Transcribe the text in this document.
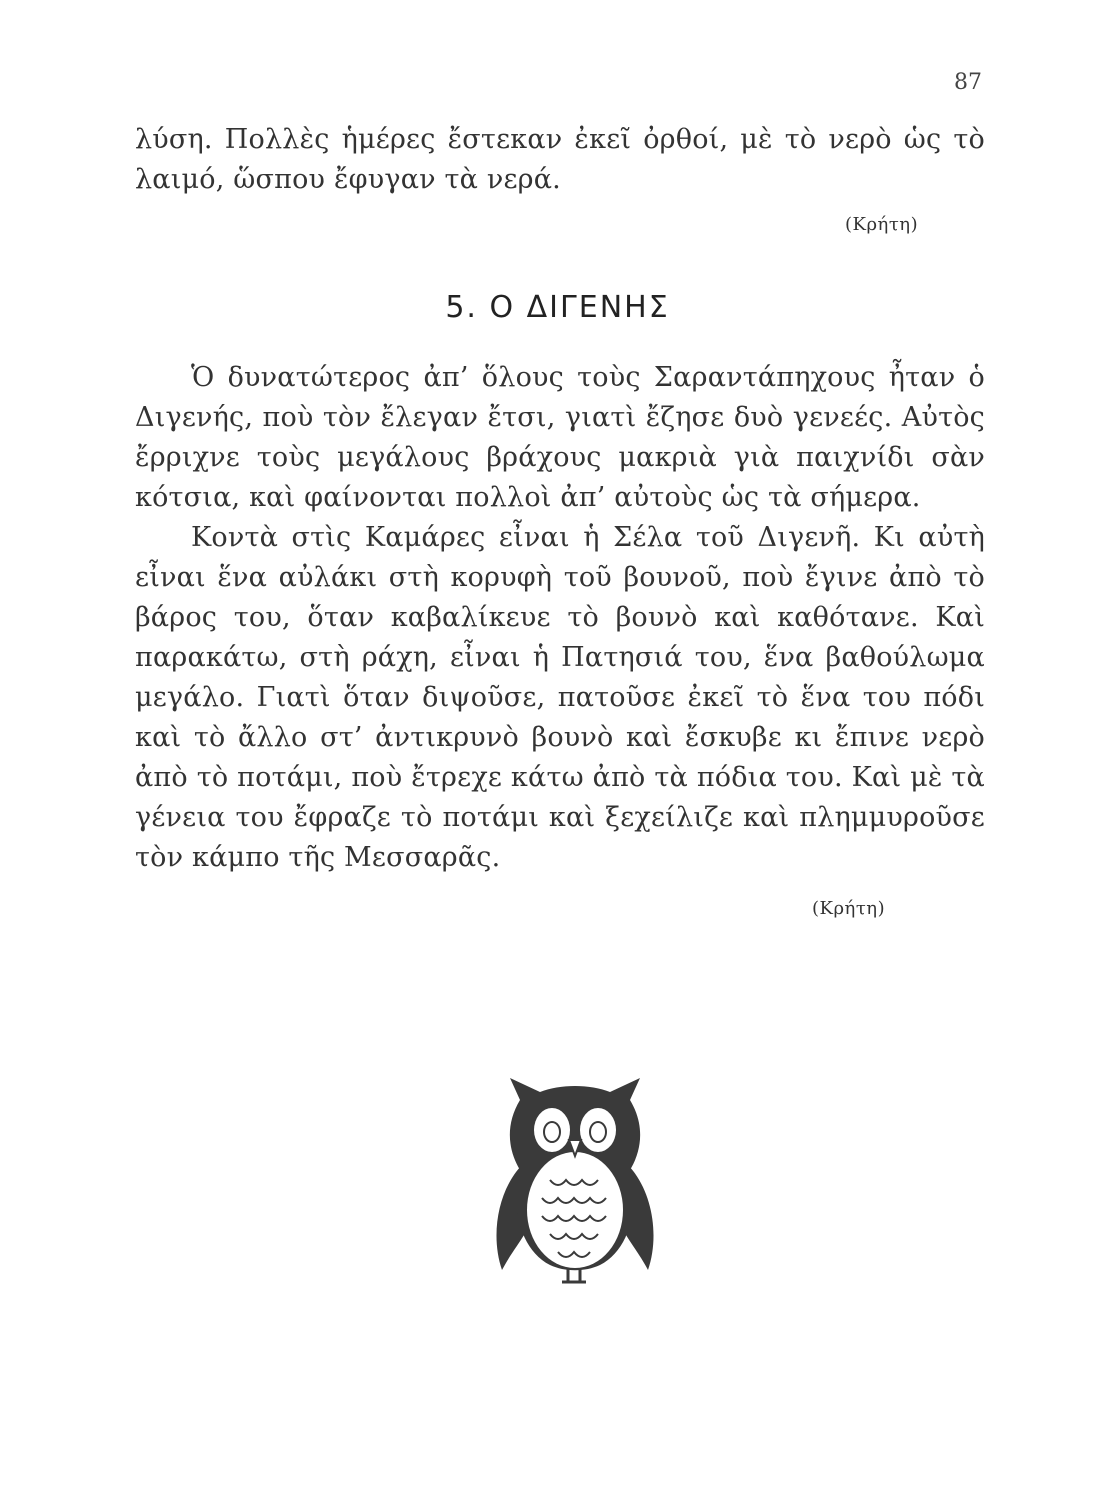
87

λύση. Πολλὲς ἡμέρες ἔστεκαν ἐκεῖ ὀρθοί, μὲ τὸ νερὸ ὡς τὸ λαιμό, ὥσπου ἔφυγαν τὰ νερά.

(Κρήτη)
5. Ο ΔΙΓΕΝΗΣ

Ὁ δυνατώτερος ἀπ’ ὅλους τοὺς Σαραντάπηχους ἦταν ὁ Διγενής, ποὺ τὸν ἔλεγαν ἔτσι, γιατὶ ἔζησε δυὸ γενεές. Αὐτὸς ἔρριχνε τοὺς μεγάλους βράχους μακριὰ γιὰ παιχνίδι σὰν κότσια, καὶ φαίνονται πολλοὶ ἀπ’ αὐτοὺς ὡς τὰ σήμερα.

Κοντὰ στὶς Καμάρες εἶναι ἡ Σέλα τοῦ Διγενῆ. Κι αὐτὴ εἶναι ἕνα αὐλάκι στὴ κορυφὴ τοῦ βουνοῦ, ποὺ ἔγινε ἀπὸ τὸ βάρος του, ὅταν καβαλίκευε τὸ βουνὸ καὶ καθότανε. Καὶ παρακάτω, στὴ ράχη, εἶναι ἡ Πατησιά του, ἕνα βαθούλωμα μεγάλο. Γιατὶ ὅταν διψοῦσε, πατοῦσε ἐκεῖ τὸ ἕνα του πόδι καὶ τὸ ἄλλο στ’ ἀντικρυνὸ βουνὸ καὶ ἔσκυβε κι ἔπινε νερὸ ἀπὸ τὸ ποτάμι, ποὺ ἔτρεχε κάτω ἀπὸ τὰ πόδια του. Καὶ μὲ τὰ γένεια του ἔφραζε τὸ ποτάμι καὶ ξεχείλιζε καὶ πλημμυροῦσε τὸν κάμπο τῆς Μεσσαρᾶς.

(Κρήτη)
